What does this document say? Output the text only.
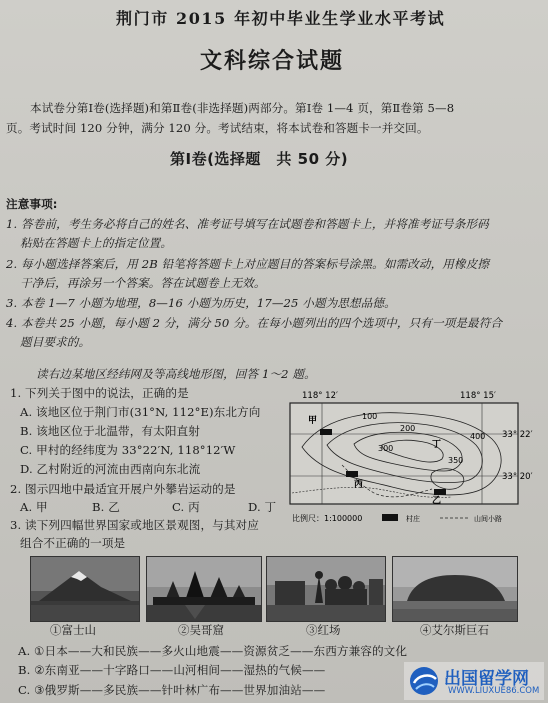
荆门市 2015 年初中毕业生学业水平考试
文科综合试题
本试卷分第Ⅰ卷(选择题)和第Ⅱ卷(非选择题)两部分。第Ⅰ卷 1—4 页，第Ⅱ卷第 5—8
页。考试时间 120 分钟，满分 120 分。考试结束，将本试卷和答题卡一并交回。
第Ⅰ卷(选择题　共 50 分)
注意事项:
1. 答卷前，考生务必将自己的姓名、准考证号填写在试题卷和答题卡上，并将准考证号条形码
粘贴在答题卡上的指定位置。
2. 每小题选择答案后，用 2B 铅笔将答题卡上对应题目的答案标号涂黑。如需改动，用橡皮擦
干净后，再涂另一个答案。答在试题卷上无效。
3. 本卷 1—7 小题为地理，8—16 小题为历史，17—25 小题为思想品德。
4. 本卷共 25 小题，每小题 2 分，满分 50 分。在每小题列出的四个选项中，只有一项是最符合
题目要求的。
读右边某地区经纬网及等高线地形图，回答 1～2 题。
1. 下列关于图中的说法，正确的是
A. 该地区位于荆门市(31°N, 112°E)东北方向
B. 该地区位于北温带，有太阳直射
C. 甲村的经纬度为 33°22′N, 118°12′W
D. 乙村附近的河流由西南向东北流
2. 图示四地中最适宜开展户外攀岩运动的是
A. 甲	B. 乙	C. 丙	D. 丁
3. 读下列四幅世界国家或地区景观图，与其对应
组合不正确的一项是
118° 12′	118° 15′
33° 22′
33° 20′
100
200
300
350
400
甲
乙
丙
丁
比例尺：1:100000	村庄	山间小路
①富士山	②吴哥窟	③红场	④艾尔斯巨石
A. ①日本——大和民族——多火山地震——资源贫乏——东西方兼容的文化
B. ②东南亚——十字路口——山河相间——湿热的气候——
C. ③俄罗斯——多民族——针叶林广布——世界加油站——
出国留学网
WWW.LIUXUE86.COM
